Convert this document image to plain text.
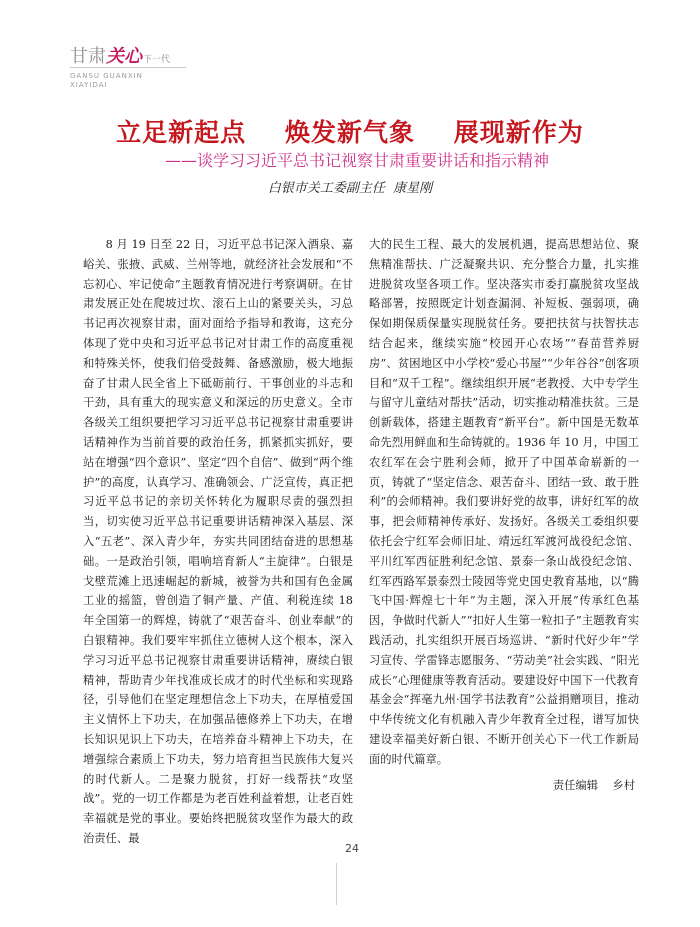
甘肃 关心 下一代
GANSU GUANXIN
XIAYIDAI
立足新起点    焕发新气象    展现新作为
——谈学习习近平总书记视察甘肃重要讲话和指示精神
白银市关工委副主任  康星刚

8 月 19 日至 22 日，习近平总书记深入酒泉、嘉峪关、张掖、武威、兰州等地，就经济社会发展和“不忘初心、牢记使命”主题教育情况进行考察调研。在甘肃发展正处在爬坡过坎、滚石上山的紧要关头，习总书记再次视察甘肃，面对面给予指导和教诲，这充分体现了党中央和习近平总书记对甘肃工作的高度重视和特殊关怀，使我们倍受鼓舞、备感激励，极大地振奋了甘肃人民全省上下砥砺前行、干事创业的斗志和干劲，具有重大的现实意义和深远的历史意义。全市各级关工组织要把学习习近平总书记视察甘肃重要讲话精神作为当前首要的政治任务，抓紧抓实抓好，要站在增强“四个意识”、坚定“四个自信”、做到“两个维护”的高度，认真学习、准确领会、广泛宣传，真正把习近平总书记的亲切关怀转化为履职尽责的强烈担当，切实使习近平总书记重要讲话精神深入基层、深入“五老”、深入青少年，夯实共同团结奋进的思想基础。一是政治引领，唱响培育新人“主旋律”。白银是戈壁荒滩上迅速崛起的新城，被誉为共和国有色金属工业的摇篮，曾创造了铜产量、产值、利税连续 18 年全国第一的辉煌，铸就了“艰苦奋斗、创业奉献”的白银精神。我们要牢牢抓住立德树人这个根本，深入学习习近平总书记视察甘肃重要讲话精神，赓续白银精神，帮助青少年找准成长成才的时代坐标和实现路径，引导他们在坚定理想信念上下功夫，在厚植爱国主义情怀上下功夫，在加强品德修养上下功夫，在增长知识见识上下功夫，在培养奋斗精神上下功夫，在增强综合素质上下功夫，努力培育担当民族伟大复兴的时代新人。二是聚力脱贫，打好一线帮扶“攻坚战”。党的一切工作都是为老百姓利益着想，让老百姓幸福就是党的事业。要始终把脱贫攻坚作为最大的政治责任、最

大的民生工程、最大的发展机遇，提高思想站位、聚焦精准帮扶、广泛凝聚共识、充分整合力量，扎实推进脱贫攻坚各项工作。坚决落实市委打赢脱贫攻坚战略部署，按照既定计划查漏洞、补短板、强弱项，确保如期保质保量实现脱贫任务。要把扶贫与扶智扶志结合起来，继续实施“校园开心农场”“春苗营养厨房”、贫困地区中小学校“爱心书屋”“少年谷谷”创客项目和“双千工程”。继续组织开展“老教授、大中专学生与留守儿童结对帮扶”活动，切实推动精准扶贫。三是创新载体，搭建主题教育“新平台”。新中国是无数革命先烈用鲜血和生命铸就的。1936 年 10 月，中国工农红军在会宁胜利会师，掀开了中国革命崭新的一页，铸就了“坚定信念、艰苦奋斗、团结一致、敢于胜利”的会师精神。我们要讲好党的故事，讲好红军的故事，把会师精神传承好、发扬好。各级关工委组织要依托会宁红军会师旧址、靖远红军渡河战役纪念馆、平川红军西征胜利纪念馆、景泰一条山战役纪念馆、红军西路军景泰烈士陵园等党史国史教育基地，以“腾飞中国·辉煌七十年”为主题，深入开展“传承红色基因，争做时代新人”“扣好人生第一粒扣子”主题教育实践活动，扎实组织开展百场巡讲、“新时代好少年”学习宣传、学雷锋志愿服务、“劳动美”社会实践、“阳光成长”心理健康等教育活动。要建设好中国下一代教育基金会“挥毫九州·国学书法教育”公益捐赠项目，推动中华传统文化有机融入青少年教育全过程，谱写加快建设幸福美好新白银、不断开创关心下一代工作新局面的时代篇章。

责任编辑 乡村
24
